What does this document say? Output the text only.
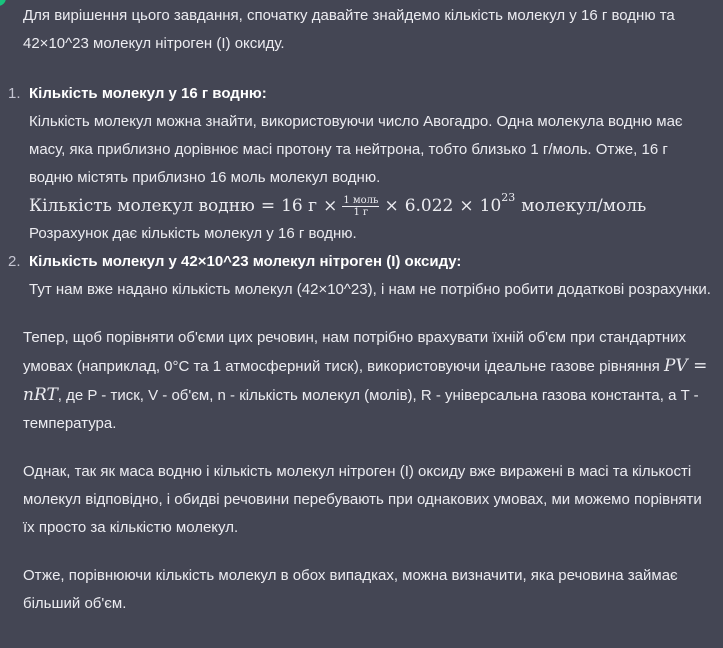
Для вирішення цього завдання, спочатку давайте знайдемо кількість молекул у 16 г водню та 42×10^23 молекул нітроген (I) оксиду.

1. Кількість молекул у 16 г водню:
Кількість молекул можна знайти, використовуючи число Авогадро. Одна молекула водню має масу, яка приблизно дорівнює масі протону та нейтрона, тобто близько 1 г/моль. Отже, 16 г водню містять приблизно 16 моль молекул водню.
Кількість молекул водню = 16 $г \times \frac{\text{1 моль}}{1 г} \times 6.022 \times 10^{23}$ молекул/моль
Розрахунок дає кількість молекул у 16 г водню.
2. Кількість молекул у 42×10^23 молекул нітроген (I) оксиду:
Тут нам вже надано кількість молекул (42×10^23), і нам не потрібно робити додаткові розрахунки.

Тепер, щоб порівняти об'єми цих речовин, нам потрібно врахувати їхній об'єм при стандартних умовах (наприклад, 0°C та 1 атмосферний тиск), використовуючи ідеальне газове рівняння PV = nRT, де P - тиск, V - об'єм, n - кількість молекул (молів), R - універсальна газова константа, а T - температура.

Однак, так як маса водню і кількість молекул нітроген (I) оксиду вже виражені в масі та кількості молекул відповідно, і обидві речовини перебувають при однакових умовах, ми можемо порівняти їх просто за кількістю молекул.

Отже, порівнюючи кількість молекул в обох випадках, можна визначити, яка речовина займає більший об'єм.
